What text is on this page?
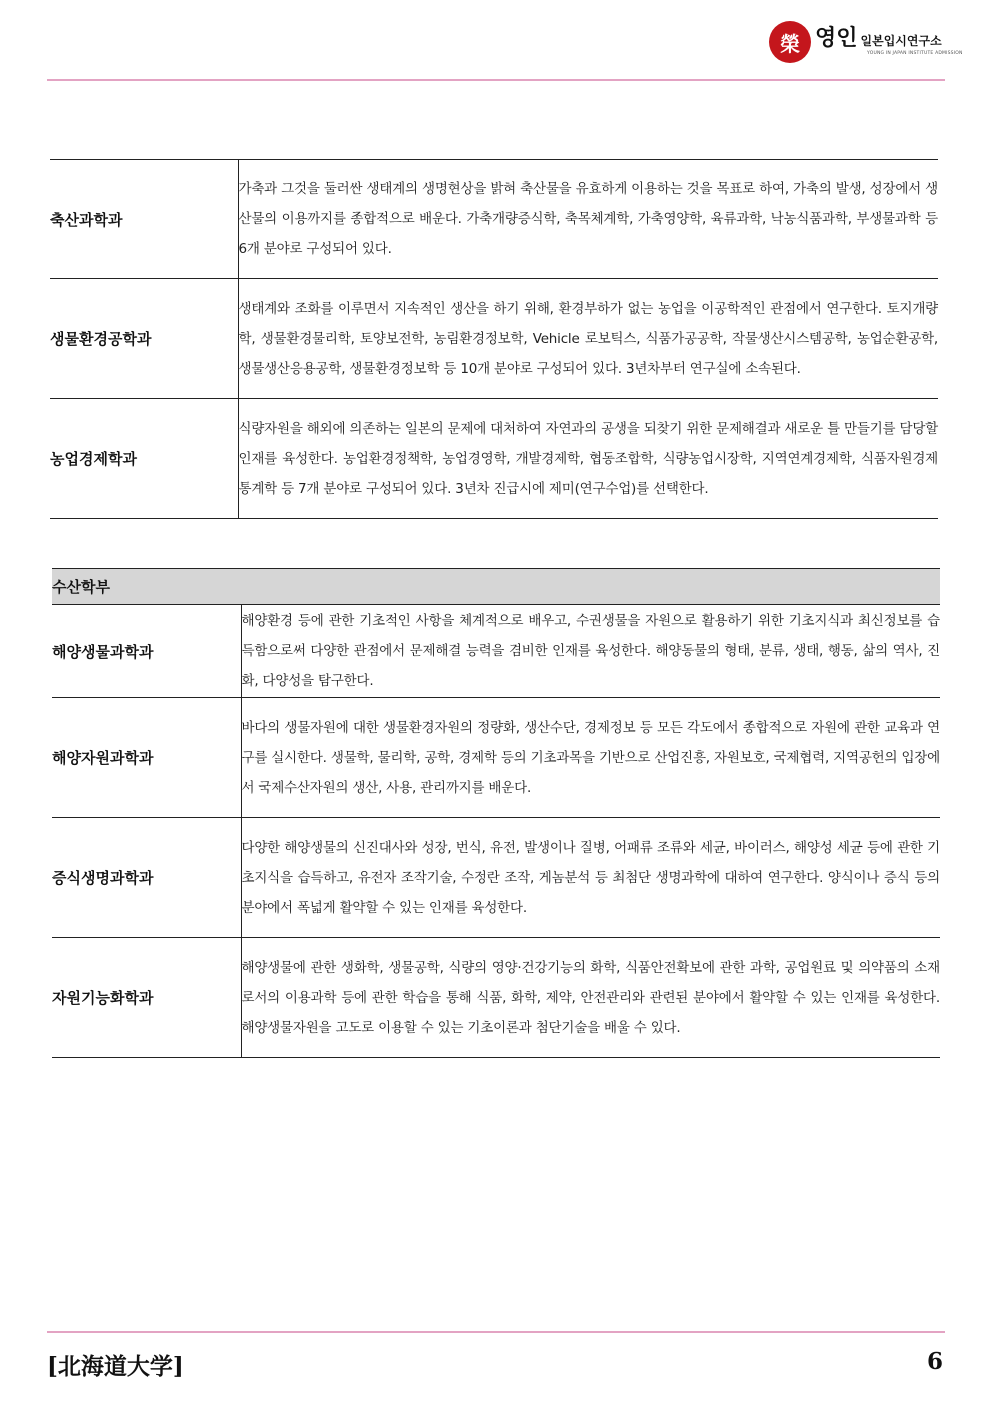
榮 영인 일본입시연구소
YOUNG IN JAPAN INSTITUTE ADMISSION
축산과학과	가축과 그것을 둘러싼 생태계의 생명현상을 밝혀 축산물을 유효하게 이용하는 것을 목표로 하여, 가축의 발생, 성장에서 생산물의 이용까지를 종합적으로 배운다. 가축개량증식학, 축목체계학, 가축영양학, 육류과학, 낙농식품과학, 부생물과학 등 6개 분야로 구성되어 있다.
생물환경공학과	생태계와 조화를 이루면서 지속적인 생산을 하기 위해, 환경부하가 없는 농업을 이공학적인 관점에서 연구한다. 토지개량학, 생물환경물리학, 토양보전학, 농림환경정보학, Vehicle 로보틱스, 식품가공공학, 작물생산시스템공학, 농업순환공학, 생물생산응용공학, 생물환경정보학 등 10개 분야로 구성되어 있다. 3년차부터 연구실에 소속된다.
농업경제학과	식량자원을 해외에 의존하는 일본의 문제에 대처하여 자연과의 공생을 되찾기 위한 문제해결과 새로운 틀 만들기를 담당할 인재를 육성한다. 농업환경정책학, 농업경영학, 개발경제학, 협동조합학, 식량농업시장학, 지역연계경제학, 식품자원경제통계학 등 7개 분야로 구성되어 있다. 3년차 진급시에 제미(연구수업)를 선택한다.
수산학부	
해양생물과학과	해양환경 등에 관한 기초적인 사항을 체계적으로 배우고, 수권생물을 자원으로 활용하기 위한 기초지식과 최신정보를 습득함으로써 다양한 관점에서 문제해결 능력을 겸비한 인재를 육성한다. 해양동물의 형태, 분류, 생태, 행동, 삶의 역사, 진화, 다양성을 탐구한다.
해양자원과학과	바다의 생물자원에 대한 생물환경자원의 정량화, 생산수단, 경제정보 등 모든 각도에서 종합적으로 자원에 관한 교육과 연구를 실시한다. 생물학, 물리학, 공학, 경제학 등의 기초과목을 기반으로 산업진흥, 자원보호, 국제협력, 지역공헌의 입장에서 국제수산자원의 생산, 사용, 관리까지를 배운다.
증식생명과학과	다양한 해양생물의 신진대사와 성장, 번식, 유전, 발생이나 질병, 어패류 조류와 세균, 바이러스, 해양성 세균 등에 관한 기초지식을 습득하고, 유전자 조작기술, 수정란 조작, 게놈분석 등 최첨단 생명과학에 대하여 연구한다. 양식이나 증식 등의 분야에서 폭넓게 활약할 수 있는 인재를 육성한다.
자원기능화학과	해양생물에 관한 생화학, 생물공학, 식량의 영양·건강기능의 화학, 식품안전확보에 관한 과학, 공업원료 및 의약품의 소재로서의 이용과학 등에 관한 학습을 통해 식품, 화학, 제약, 안전관리와 관련된 분야에서 활약할 수 있는 인재를 육성한다. 해양생물자원을 고도로 이용할 수 있는 기초이론과 첨단기술을 배울 수 있다.
[北海道大学]	6
